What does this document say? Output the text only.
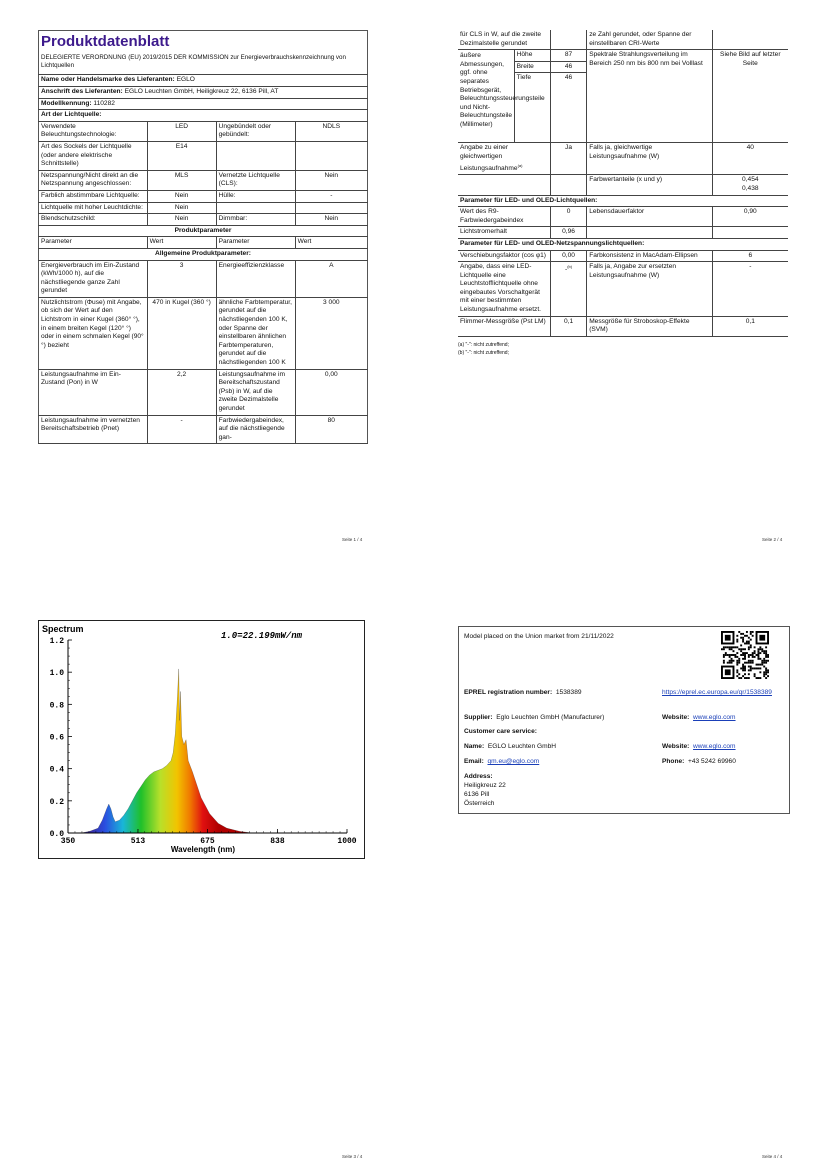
Produktdatenblatt
DELEGIERTE VERORDNUNG (EU) 2019/2015 DER KOMMISSION zur Energieverbrauchskennzeichnung von Lichtquellen
Name oder Handelsmarke des Lieferanten: EGLO
Anschrift des Lieferanten: EGLO Leuchten GmbH, Heiligkreuz 22, 6136 Pill, AT
Modellkennung: 110282
Art der Lichtquelle:
Verwendete Beleuchtungstechnologie:	LED	Ungebündelt oder gebündelt:	NDLS
Art des Sockels der Lichtquelle (oder andere elektrische Schnittstelle)	E14		
Netzspannung/Nicht direkt an die Netzspannung angeschlossen:	MLS	Vernetzte Lichtquelle (CLS):	Nein
Farblich abstimmbare Lichtquelle:	Nein	Hülle:	-
Lichtquelle mit hoher Leuchtdichte:	Nein		
Blendschutzschild:	Nein	Dimmbar:	Nein
Produktparameter			
Parameter	Wert	Parameter	Wert
Allgemeine Produktparameter:			
Energieverbrauch im Ein-Zustand (kWh/1000 h), auf die nächstliegende ganze Zahl gerundet	3	Energieeffizienzklasse	A
Nutzlichtstrom (Φuse) mit Angabe, ob sich der Wert auf den Lichtstrom in einer Kugel (360° °), in einem breiten Kegel (120° °) oder in einem schmalen Kegel (90° °) bezieht	470 in Kugel (360 °)	ähnliche Farbtemperatur, gerundet auf die nächstliegenden 100 K, oder Spanne der einstellbaren ähnlichen Farbtemperaturen, gerundet auf die nächstliegenden 100 K	3 000
Leistungsaufnahme im Ein-Zustand (Pon) in W	2,2	Leistungsaufnahme im Bereitschaftszustand (Psb) in W, auf die zweite Dezimalstelle gerundet	0,00
Leistungsaufnahme im vernetzten Bereitschaftsbetrieb (Pnet)	-	Farbwiedergabeindex, auf die nächstliegende gan-	80
Seite 1 / 4
für CLS in W, auf die zweite Dezimalstelle gerundet			ze Zahl gerundet, oder Spanne der einstellbaren CRI-Werte	
äußere Abmessungen, ggf. ohne separates Betriebsgerät, Beleuchtungssteuerungsteile und Nicht-Beleuchtungsteile (Millimeter)	Höhe	87	Spektrale Strahlungsverteilung im Bereich 250 nm bis 800 nm bei Volllast	Siehe Bild auf letzter Seite
	Breite	46		
	Tiefe	46		
Angabe zu einer gleichwertigen Leistungsaufnahme$^{(a)}$		Ja	Falls ja, gleichwertige Leistungsaufnahme (W)	40
			Farbwertanteile (x und y)	0,454
0,438
Parameter für LED- und OLED-Lichtquellen:				
Wert des R9-Farbwiedergabeindex		0	Lebensdauerfaktor	0,90
Lichtstromerhalt		0,96		
Parameter für LED- und OLED-Netzspannungslichtquellen:				
Verschiebungsfaktor (cos φ1)		0,00	Farbkonsistenz in MacAdam-Ellipsen	6
Angabe, dass eine LED-Lichtquelle eine Leuchtstofflichtquelle ohne eingebautes Vorschaltgerät mit einer bestimmten Leistungsaufnahme ersetzt.		-$^{(b)}$	Falls ja, Angabe zur ersetzten Leistungsaufnahme (W)	-
Flimmer-Messgröße (Pst LM)		0,1	Messgröße für Stroboskop-Effekte (SVM)	0,1
(a) "-": nicht zutreffend;
(b) "-": nicht zutreffend;
Seite 2 / 4
Spectrum
1.0=22.199mW/nm
0.0
0.2
0.4
0.6
0.8
1.0
1.2
350	513	675	838	1000
Wavelength (nm)
Seite 3 / 4
Model placed on the Union market from 21/11/2022
EPREL registration number: 1538389	https://eprel.ec.europa.eu/qr/1538389
Supplier: Eglo Leuchten GmbH (Manufacturer)	Website: www.eglo.com
Customer care service:
Name: EGLO Leuchten GmbH	Website: www.eglo.com
Email: qm.eu@eglo.com	Phone: +43 5242 69960
Address:
Heiligkreuz 22
6136 Pill
Österreich
Seite 4 / 4
